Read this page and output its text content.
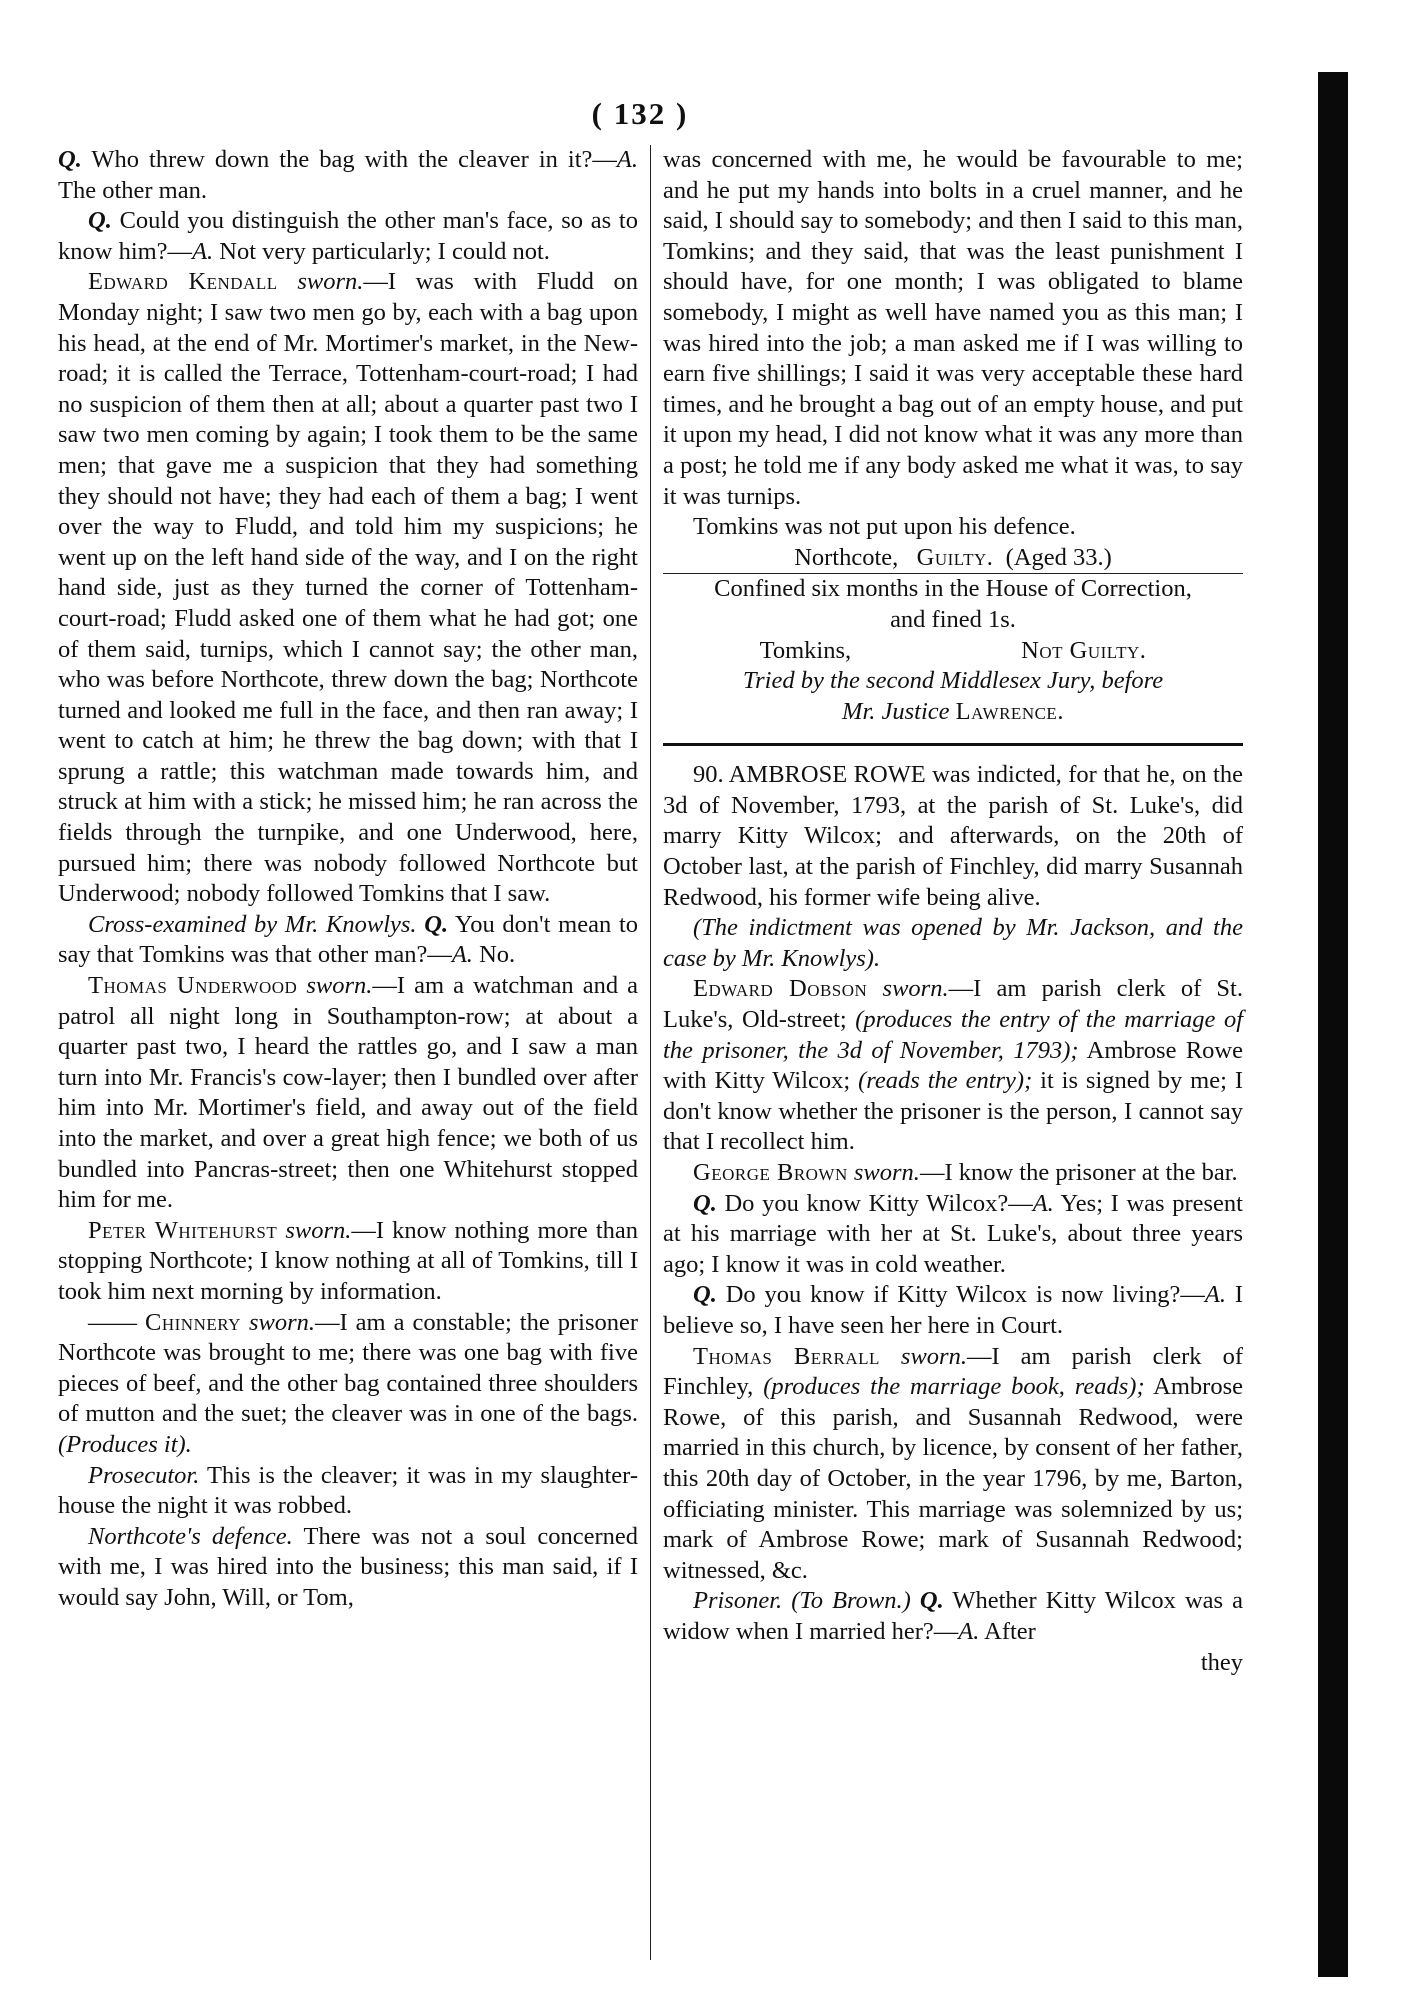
( 132 )

Q. Who threw down the bag with the cleaver in it?—A. The other man.

Q. Could you distinguish the other man's face, so as to know him?—A. Not very particularly; I could not.

Edward Kendall sworn.—I was with Fludd on Monday night; I saw two men go by, each with a bag upon his head, at the end of Mr. Mortimer's market, in the New-road; it is called the Terrace, Tottenham-court-road; I had no suspicion of them then at all; about a quarter past two I saw two men coming by again; I took them to be the same men; that gave me a suspicion that they had something they should not have; they had each of them a bag; I went over the way to Fludd, and told him my suspicions; he went up on the left hand side of the way, and I on the right hand side, just as they turned the corner of Tottenham-court-road; Fludd asked one of them what he had got; one of them said, turnips, which I cannot say; the other man, who was before Northcote, threw down the bag; Northcote turned and looked me full in the face, and then ran away; I went to catch at him; he threw the bag down; with that I sprung a rattle; this watchman made towards him, and struck at him with a stick; he missed him; he ran across the fields through the turnpike, and one Underwood, here, pursued him; there was nobody followed Northcote but Underwood; nobody followed Tomkins that I saw.

Cross-examined by Mr. Knowlys. Q. You don't mean to say that Tomkins was that other man?—A. No.

Thomas Underwood sworn.—I am a watchman and a patrol all night long in Southampton-row; at about a quarter past two, I heard the rattles go, and I saw a man turn into Mr. Francis's cow-layer; then I bundled over after him into Mr. Mortimer's field, and away out of the field into the market, and over a great high fence; we both of us bundled into Pancras-street; then one Whitehurst stopped him for me.

Peter Whitehurst sworn.—I know nothing more than stopping Northcote; I know nothing at all of Tomkins, till I took him next morning by information.

—— Chinnery sworn.—I am a constable; the prisoner Northcote was brought to me; there was one bag with five pieces of beef, and the other bag contained three shoulders of mutton and the suet; the cleaver was in one of the bags. (Produces it).

Prosecutor. This is the cleaver; it was in my slaughter-house the night it was robbed.

Northcote's defence. There was not a soul concerned with me, I was hired into the business; this man said, if I would say John, Will, or Tom,

was concerned with me, he would be favourable to me; and he put my hands into bolts in a cruel manner, and he said, I should say to somebody; and then I said to this man, Tomkins; and they said, that was the least punishment I should have, for one month; I was obligated to blame somebody, I might as well have named you as this man; I was hired into the job; a man asked me if I was willing to earn five shillings; I said it was very acceptable these hard times, and he brought a bag out of an empty house, and put it upon my head, I did not know what it was any more than a post; he told me if any body asked me what it was, to say it was turnips.

Tomkins was not put upon his defence.

Northcote, Guilty. (Aged 33.)

Confined six months in the House of Correction,

and fined 1s.

Tomkins,	Not Guilty.

Tried by the second Middlesex Jury, before

Mr. Justice Lawrence.

90. AMBROSE ROWE was indicted, for that he, on the 3d of November, 1793, at the parish of St. Luke's, did marry Kitty Wilcox; and afterwards, on the 20th of October last, at the parish of Finchley, did marry Susannah Redwood, his former wife being alive.

(The indictment was opened by Mr. Jackson, and the case by Mr. Knowlys).

Edward Dobson sworn.—I am parish clerk of St. Luke's, Old-street; (produces the entry of the marriage of the prisoner, the 3d of November, 1793); Ambrose Rowe with Kitty Wilcox; (reads the entry); it is signed by me; I don't know whether the prisoner is the person, I cannot say that I recollect him.

George Brown sworn.—I know the prisoner at the bar.

Q. Do you know Kitty Wilcox?—A. Yes; I was present at his marriage with her at St. Luke's, about three years ago; I know it was in cold weather.

Q. Do you know if Kitty Wilcox is now living?—A. I believe so, I have seen her here in Court.

Thomas Berrall sworn.—I am parish clerk of Finchley, (produces the marriage book, reads); Ambrose Rowe, of this parish, and Susannah Redwood, were married in this church, by licence, by consent of her father, this 20th day of October, in the year 1796, by me, Barton, officiating minister. This marriage was solemnized by us; mark of Ambrose Rowe; mark of Susannah Redwood; witnessed, &c.

Prisoner. (To Brown.) Q. Whether Kitty Wilcox was a widow when I married her?—A. After

they
